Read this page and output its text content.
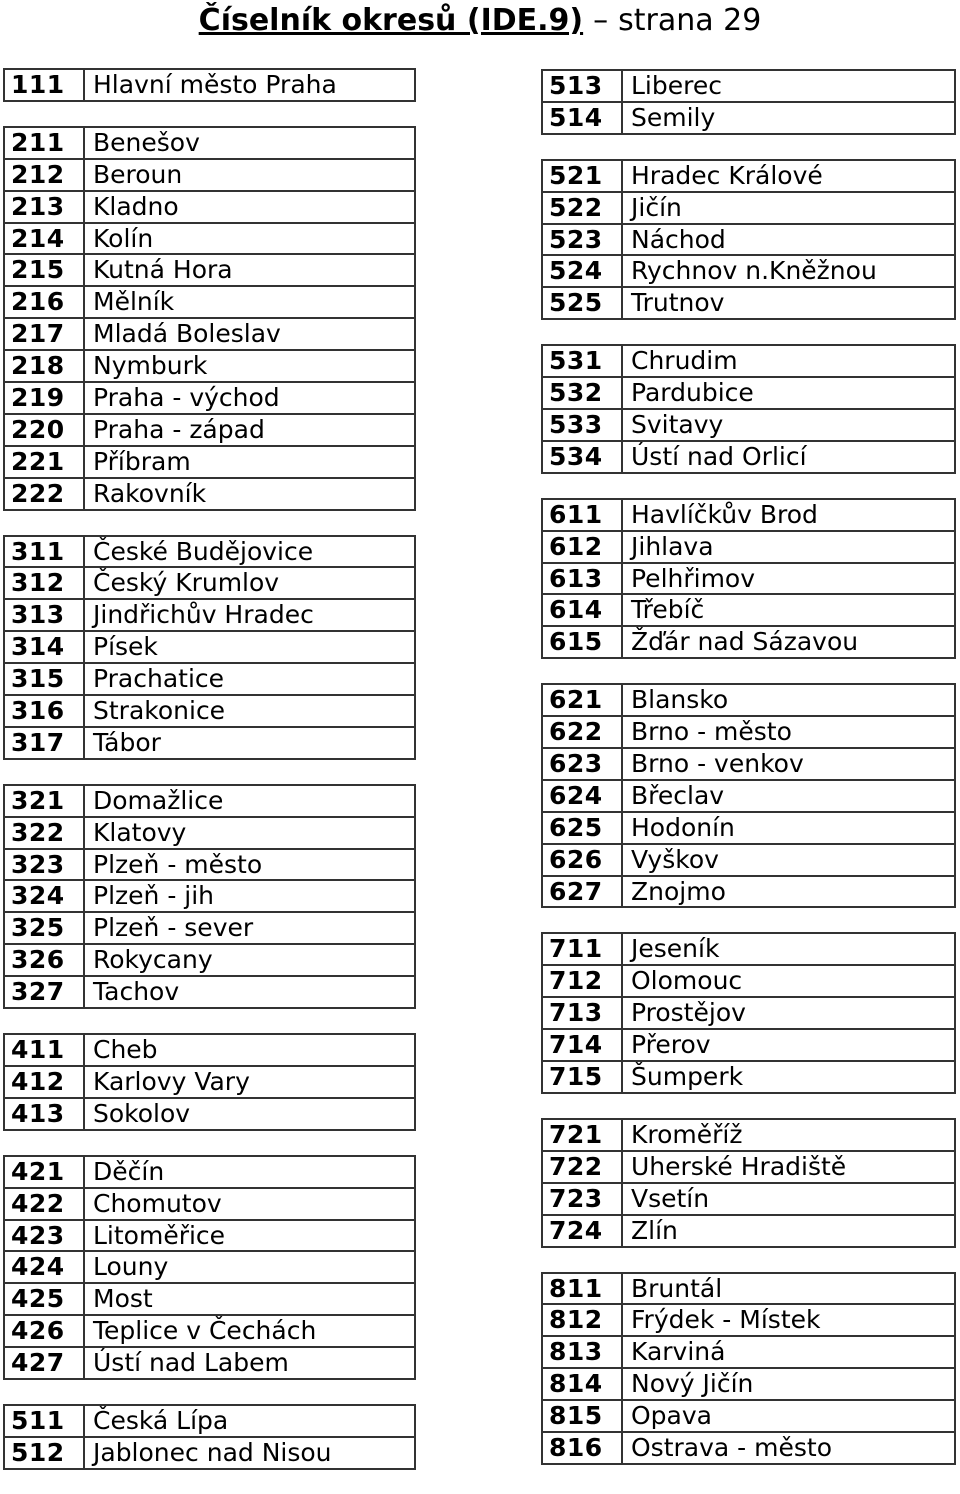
Číselník okresů (IDE.9) – strana 29
111	Hlavní město Praha
211	Benešov
212	Beroun
213	Kladno
214	Kolín
215	Kutná Hora
216	Mělník
217	Mladá Boleslav
218	Nymburk
219	Praha - východ
220	Praha - západ
221	Příbram
222	Rakovník
311	České Budějovice
312	Český Krumlov
313	Jindřichův Hradec
314	Písek
315	Prachatice
316	Strakonice
317	Tábor
321	Domažlice
322	Klatovy
323	Plzeň - město
324	Plzeň - jih
325	Plzeň - sever
326	Rokycany
327	Tachov
411	Cheb
412	Karlovy Vary
413	Sokolov
421	Děčín
422	Chomutov
423	Litoměřice
424	Louny
425	Most
426	Teplice v Čechách
427	Ústí nad Labem
511	Česká Lípa
512	Jablonec nad Nisou
513	Liberec
514	Semily
521	Hradec Králové
522	Jičín
523	Náchod
524	Rychnov n.Kněžnou
525	Trutnov
531	Chrudim
532	Pardubice
533	Svitavy
534	Ústí nad Orlicí
611	Havlíčkův Brod
612	Jihlava
613	Pelhřimov
614	Třebíč
615	Žďár nad Sázavou
621	Blansko
622	Brno - město
623	Brno - venkov
624	Břeclav
625	Hodonín
626	Vyškov
627	Znojmo
711	Jeseník
712	Olomouc
713	Prostějov
714	Přerov
715	Šumperk
721	Kroměříž
722	Uherské Hradiště
723	Vsetín
724	Zlín
811	Bruntál
812	Frýdek - Místek
813	Karviná
814	Nový Jičín
815	Opava
816	Ostrava - město
